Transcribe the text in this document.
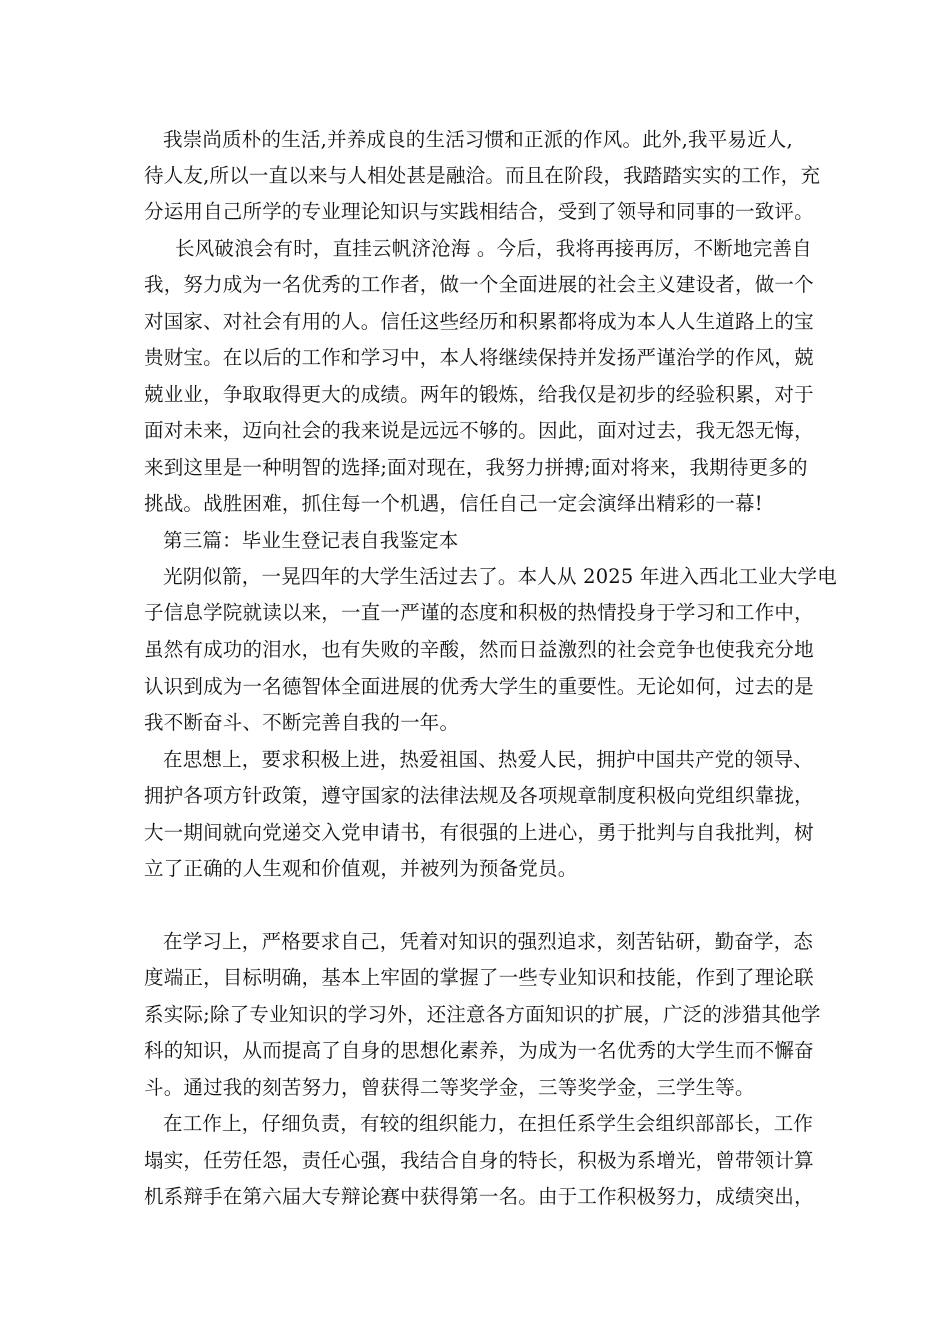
我崇尚质朴的生活,并养成良的生活习惯和正派的作风。此外,我平易近人,
待人友,所以一直以来与人相处甚是融洽。而且在阶段，我踏踏实实的工作，充
分运用自己所学的专业理论知识与实践相结合，受到了领导和同事的一致评。
长风破浪会有时，直挂云帆济沧海 。今后，我将再接再厉，不断地完善自
我，努力成为一名优秀的工作者，做一个全面进展的社会主义建设者，做一个
对国家、对社会有用的人。信任这些经历和积累都将成为本人人生道路上的宝
贵财宝。在以后的工作和学习中，本人将继续保持并发扬严谨治学的作风，兢
兢业业，争取取得更大的成绩。两年的锻炼，给我仅是初步的经验积累，对于
面对未来，迈向社会的我来说是远远不够的。因此，面对过去，我无怨无悔，
来到这里是一种明智的选择;面对现在，我努力拼搏;面对将来，我期待更多的
挑战。战胜困难，抓住每一个机遇，信任自己一定会演绎出精彩的一幕!
第三篇：毕业生登记表自我鉴定本
光阴似箭，一晃四年的大学生活过去了。本人从 2025 年进入西北工业大学电
子信息学院就读以来，一直一严谨的态度和积极的热情投身于学习和工作中，
虽然有成功的泪水，也有失败的辛酸，然而日益激烈的社会竞争也使我充分地
认识到成为一名德智体全面进展的优秀大学生的重要性。无论如何，过去的是
我不断奋斗、不断完善自我的一年。
在思想上，要求积极上进，热爱祖国、热爱人民，拥护中国共产党的领导、
拥护各项方针政策，遵守国家的法律法规及各项规章制度积极向党组织靠拢，
大一期间就向党递交入党申请书，有很强的上进心，勇于批判与自我批判，树
立了正确的人生观和价值观，并被列为预备党员。
在学习上，严格要求自己，凭着对知识的强烈追求，刻苦钻研，勤奋学，态
度端正，目标明确，基本上牢固的掌握了一些专业知识和技能，作到了理论联
系实际;除了专业知识的学习外，还注意各方面知识的扩展，广泛的涉猎其他学
科的知识，从而提高了自身的思想化素养，为成为一名优秀的大学生而不懈奋
斗。通过我的刻苦努力，曾获得二等奖学金，三等奖学金，三学生等。
在工作上，仔细负责，有较的组织能力，在担任系学生会组织部部长，工作
塌实，任劳任怨，责任心强，我结合自身的特长，积极为系增光，曾带领计算
机系辩手在第六届大专辩论赛中获得第一名。由于工作积极努力，成绩突出，
